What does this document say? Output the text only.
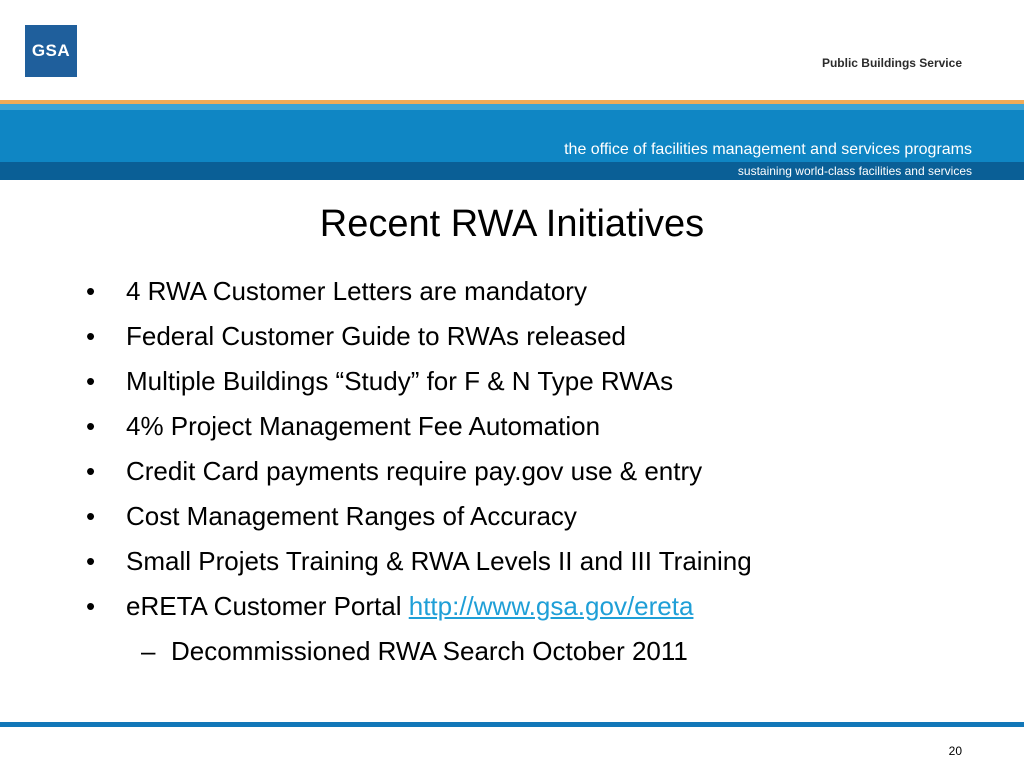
GSA
Public Buildings Service
the office of facilities management and services programs
sustaining world-class facilities and services
Recent RWA Initiatives
• 4 RWA Customer Letters are mandatory
• Federal Customer Guide to RWAs released
• Multiple Buildings “Study” for F & N Type RWAs
• 4% Project Management Fee Automation
• Credit Card payments require pay.gov use & entry
• Cost Management Ranges of Accuracy
• Small Projets Training & RWA Levels II and III Training
• eRETA Customer Portal http://www.gsa.gov/ereta
– Decommissioned RWA Search October 2011
20
